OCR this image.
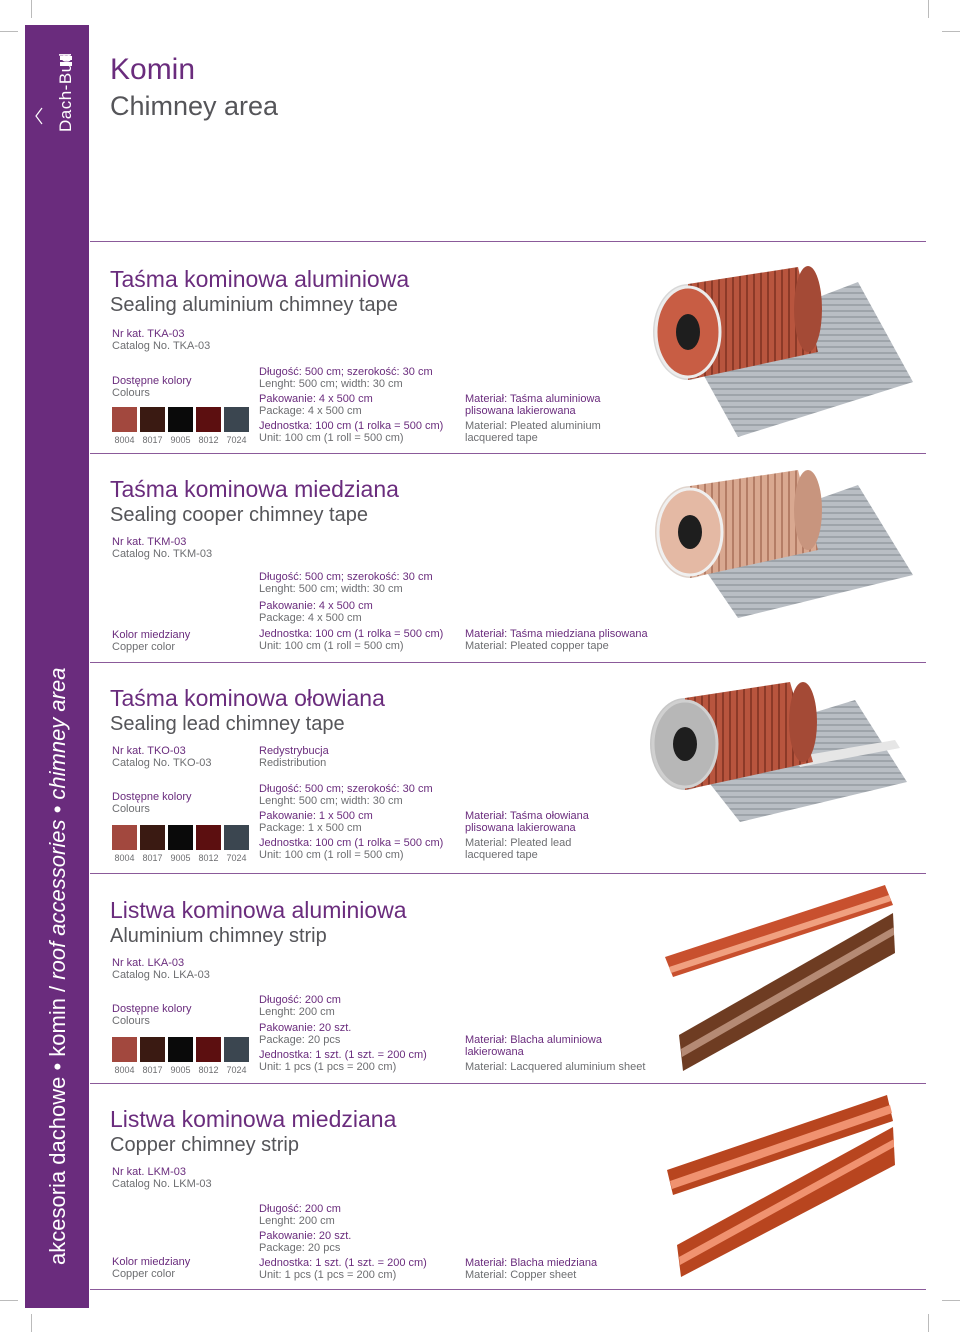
Dach-Bud
akcesoria dachowe • komin / roof accessories • chimney area
Komin
Chimney area
Taśma kominowa aluminiowa
Sealing aluminium chimney tape
Nr kat. TKA-03
Catalog No. TKA-03
Dostępne kolory
Colours
8004 8017 9005 8012 7024
Długość: 500 cm; szerokość: 30 cm
Lenght: 500 cm; width: 30 cm
Pakowanie: 4 x 500 cm
Package: 4 x 500 cm
Jednostka: 100 cm (1 rolka = 500 cm)
Unit: 100 cm (1 roll = 500 cm)
Materiał: Taśma aluminiowa
plisowana lakierowana
Material: Pleated aluminium
lacquered tape
Taśma kominowa miedziana
Sealing cooper chimney tape
Nr kat. TKM-03
Catalog No. TKM-03
Kolor miedziany
Copper color
Długość: 500 cm; szerokość: 30 cm
Lenght: 500 cm; width: 30 cm
Pakowanie: 4 x 500 cm
Package: 4 x 500 cm
Jednostka: 100 cm (1 rolka = 500 cm)
Unit: 100 cm (1 roll = 500 cm)
Materiał: Taśma miedziana plisowana
Material: Pleated copper tape
Taśma kominowa ołowiana
Sealing lead chimney tape
Nr kat. TKO-03
Catalog No. TKO-03
Redystrybucja
Redistribution
Dostępne kolory
Colours
8004 8017 9005 8012 7024
Długość: 500 cm; szerokość: 30 cm
Lenght: 500 cm; width: 30 cm
Pakowanie: 1 x 500 cm
Package: 1 x 500 cm
Jednostka: 100 cm (1 rolka = 500 cm)
Unit: 100 cm (1 roll = 500 cm)
Materiał: Taśma ołowiana
plisowana lakierowana
Material: Pleated lead
lacquered tape
Listwa kominowa aluminiowa
Aluminium chimney strip
Nr kat. LKA-03
Catalog No. LKA-03
Dostępne kolory
Colours
8004 8017 9005 8012 7024
Długość: 200 cm
Lenght: 200 cm
Pakowanie: 20 szt.
Package: 20 pcs
Jednostka: 1 szt. (1 szt. = 200 cm)
Unit: 1 pcs (1 pcs = 200 cm)
Materiał: Blacha aluminiowa
lakierowana
Material: Lacquered aluminium sheet
Listwa kominowa miedziana
Copper chimney strip
Nr kat. LKM-03
Catalog No. LKM-03
Kolor miedziany
Copper color
Długość: 200 cm
Lenght: 200 cm
Pakowanie: 20 szt.
Package: 20 pcs
Jednostka: 1 szt. (1 szt. = 200 cm)
Unit: 1 pcs (1 pcs = 200 cm)
Materiał: Blacha miedziana
Material: Copper sheet
